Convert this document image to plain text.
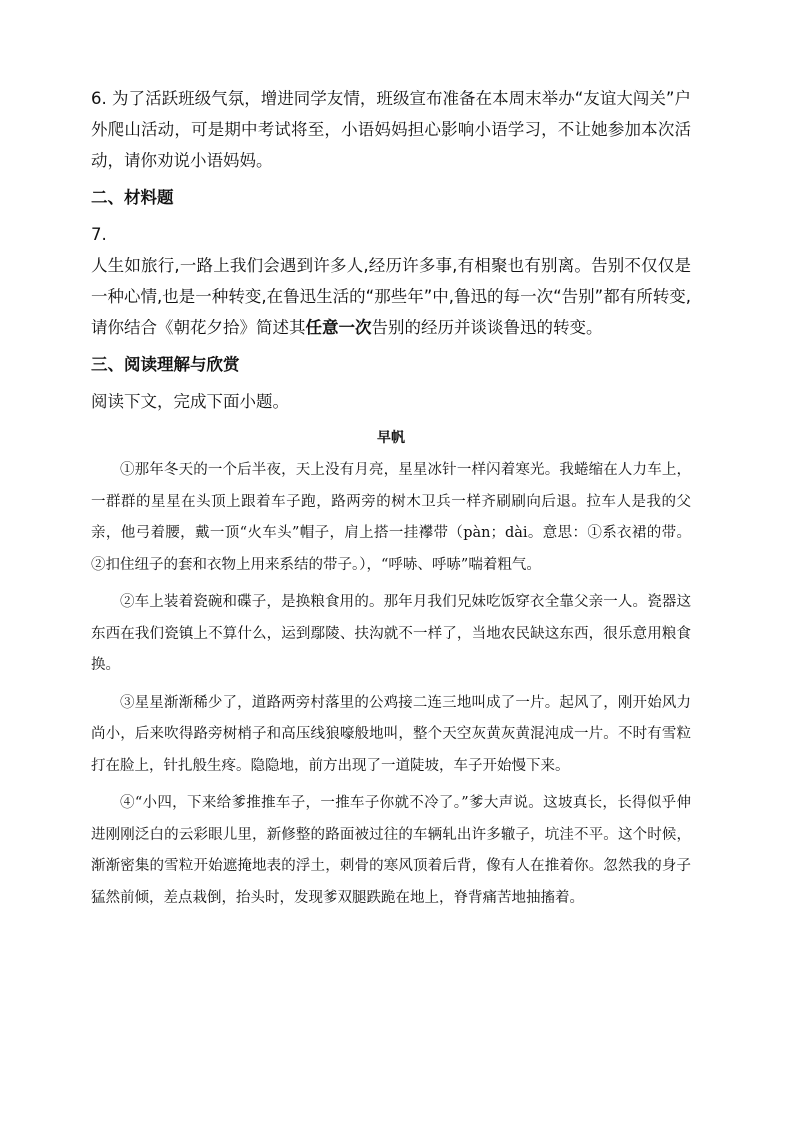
6. 为了活跃班级气氛，增进同学友情，班级宣布准备在本周末举办“友谊大闯关”户外爬山活动，可是期中考试将至，小语妈妈担心影响小语学习，不让她参加本次活动，请你劝说小语妈妈。

二、材料题

7.

人生如旅行,一路上我们会遇到许多人,经历许多事,有相聚也有别离。告别不仅仅是一种心情,也是一种转变,在鲁迅生活的“那些年”中,鲁迅的每一次“告别”都有所转变,请你结合《朝花夕拾》简述其任意一次告别的经历并谈谈鲁迅的转变。

三、阅读理解与欣赏

阅读下文，完成下面小题。

早帆

①那年冬天的一个后半夜，天上没有月亮，星星冰针一样闪着寒光。我蜷缩在人力车上，一群群的星星在头顶上跟着车子跑，路两旁的树木卫兵一样齐刷刷向后退。拉车人是我的父亲，他弓着腰，戴一顶“火车头”帽子，肩上搭一挂襻带（pàn；dài。意思：①系衣裙的带。②扣住纽子的套和衣物上用来系结的带子。），“呼哧、呼哧”喘着粗气。

②车上装着瓷碗和碟子，是换粮食用的。那年月我们兄妹吃饭穿衣全靠父亲一人。瓷器这东西在我们瓷镇上不算什么，运到鄢陵、扶沟就不一样了，当地农民缺这东西，很乐意用粮食换。

③星星渐渐稀少了，道路两旁村落里的公鸡接二连三地叫成了一片。起风了，刚开始风力尚小，后来吹得路旁树梢子和高压线狼嚎般地叫，整个天空灰黄灰黄混沌成一片。不时有雪粒打在脸上，针扎般生疼。隐隐地，前方出现了一道陡坡，车子开始慢下来。

④“小四，下来给爹推推车子，一推车子你就不冷了。”爹大声说。这坡真长，长得似乎伸进刚刚泛白的云彩眼儿里，新修整的路面被过往的车辆轧出许多辙子，坑洼不平。这个时候，渐渐密集的雪粒开始遮掩地表的浮土，刺骨的寒风顶着后背，像有人在推着你。忽然我的身子猛然前倾，差点栽倒，抬头时，发现爹双腿跌跪在地上，脊背痛苦地抽搐着。
